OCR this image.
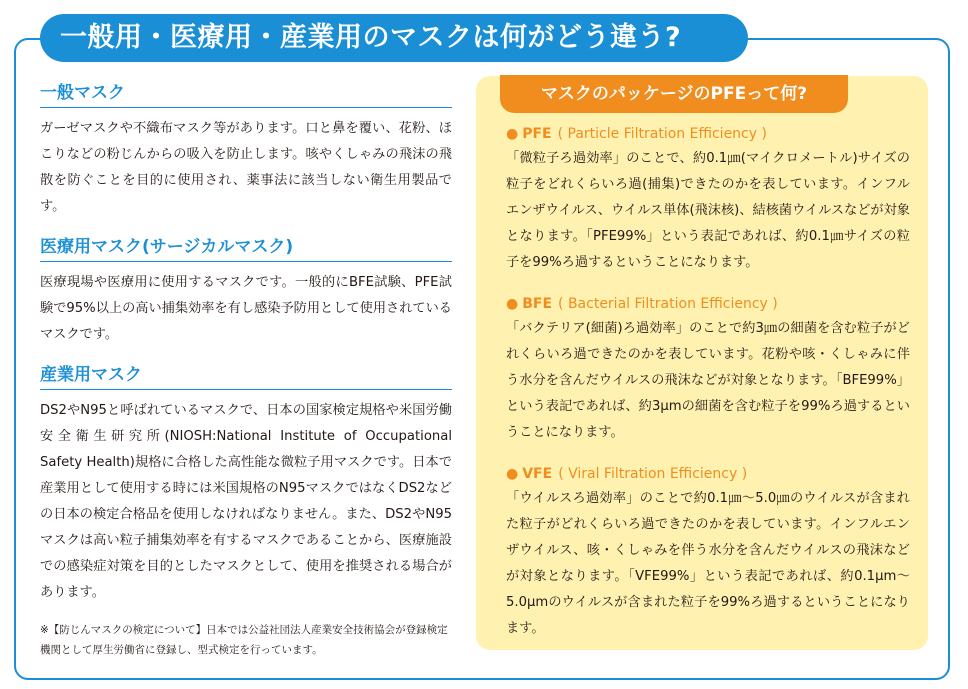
一般用・医療用・産業用のマスクは何がどう違う?
一般マスク

ガーゼマスクや不織布マスク等があります。口と鼻を覆い、花粉、ほこりなどの粉じんからの吸入を防止します。咳やくしゃみの飛沫の飛散を防ぐことを目的に使用され、薬事法に該当しない衛生用製品です。

医療用マスク(サージカルマスク)

医療現場や医療用に使用するマスクです。一般的にBFE試験、PFE試験で95%以上の高い捕集効率を有し感染予防用として使用されているマスクです。

産業用マスク

DS2やN95と呼ばれているマスクで、日本の国家検定規格や米国労働安全衛生研究所(NIOSH:National Institute of Occupational Safety Health)規格に合格した高性能な微粒子用マスクです。日本で産業用として使用する時には米国規格のN95マスクではなくDS2などの日本の検定合格品を使用しなければなりません。また、DS2やN95マスクは高い粒子捕集効率を有するマスクであることから、医療施設での感染症対策を目的としたマスクとして、使用を推奨される場合があります。

※【防じんマスクの検定について】日本では公益社団法人産業安全技術協会が登録検定機関として厚生労働省に登録し、型式検定を行っています。
マスクのパッケージのPFEって何?
● PFE ( Particle Filtration Efficiency )

「微粒子ろ過効率」のことで、約0.1㎛(マイクロメートル)サイズの粒子をどれくらいろ過(捕集)できたのかを表しています。インフルエンザウイルス、ウイルス単体(飛沫核)、結核菌ウイルスなどが対象となります。「PFE99%」という表記であれば、約0.1㎛サイズの粒子を99%ろ過するということになります。

● BFE ( Bacterial Filtration Efficiency )

「バクテリア(細菌)ろ過効率」のことで約3㎛の細菌を含む粒子がどれくらいろ過できたのかを表しています。花粉や咳・くしゃみに伴う水分を含んだウイルスの飛沫などが対象となります。「BFE99%」という表記であれば、約3μmの細菌を含む粒子を99%ろ過するということになります。

● VFE ( Viral Filtration Efficiency )

「ウイルスろ過効率」のことで約0.1㎛〜5.0㎛のウイルスが含まれた粒子がどれくらいろ過できたのかを表しています。インフルエンザウイルス、咳・くしゃみを伴う水分を含んだウイルスの飛沫などが対象となります。「VFE99%」という表記であれば、約0.1μm〜5.0μmのウイルスが含まれた粒子を99%ろ過するということになります。
